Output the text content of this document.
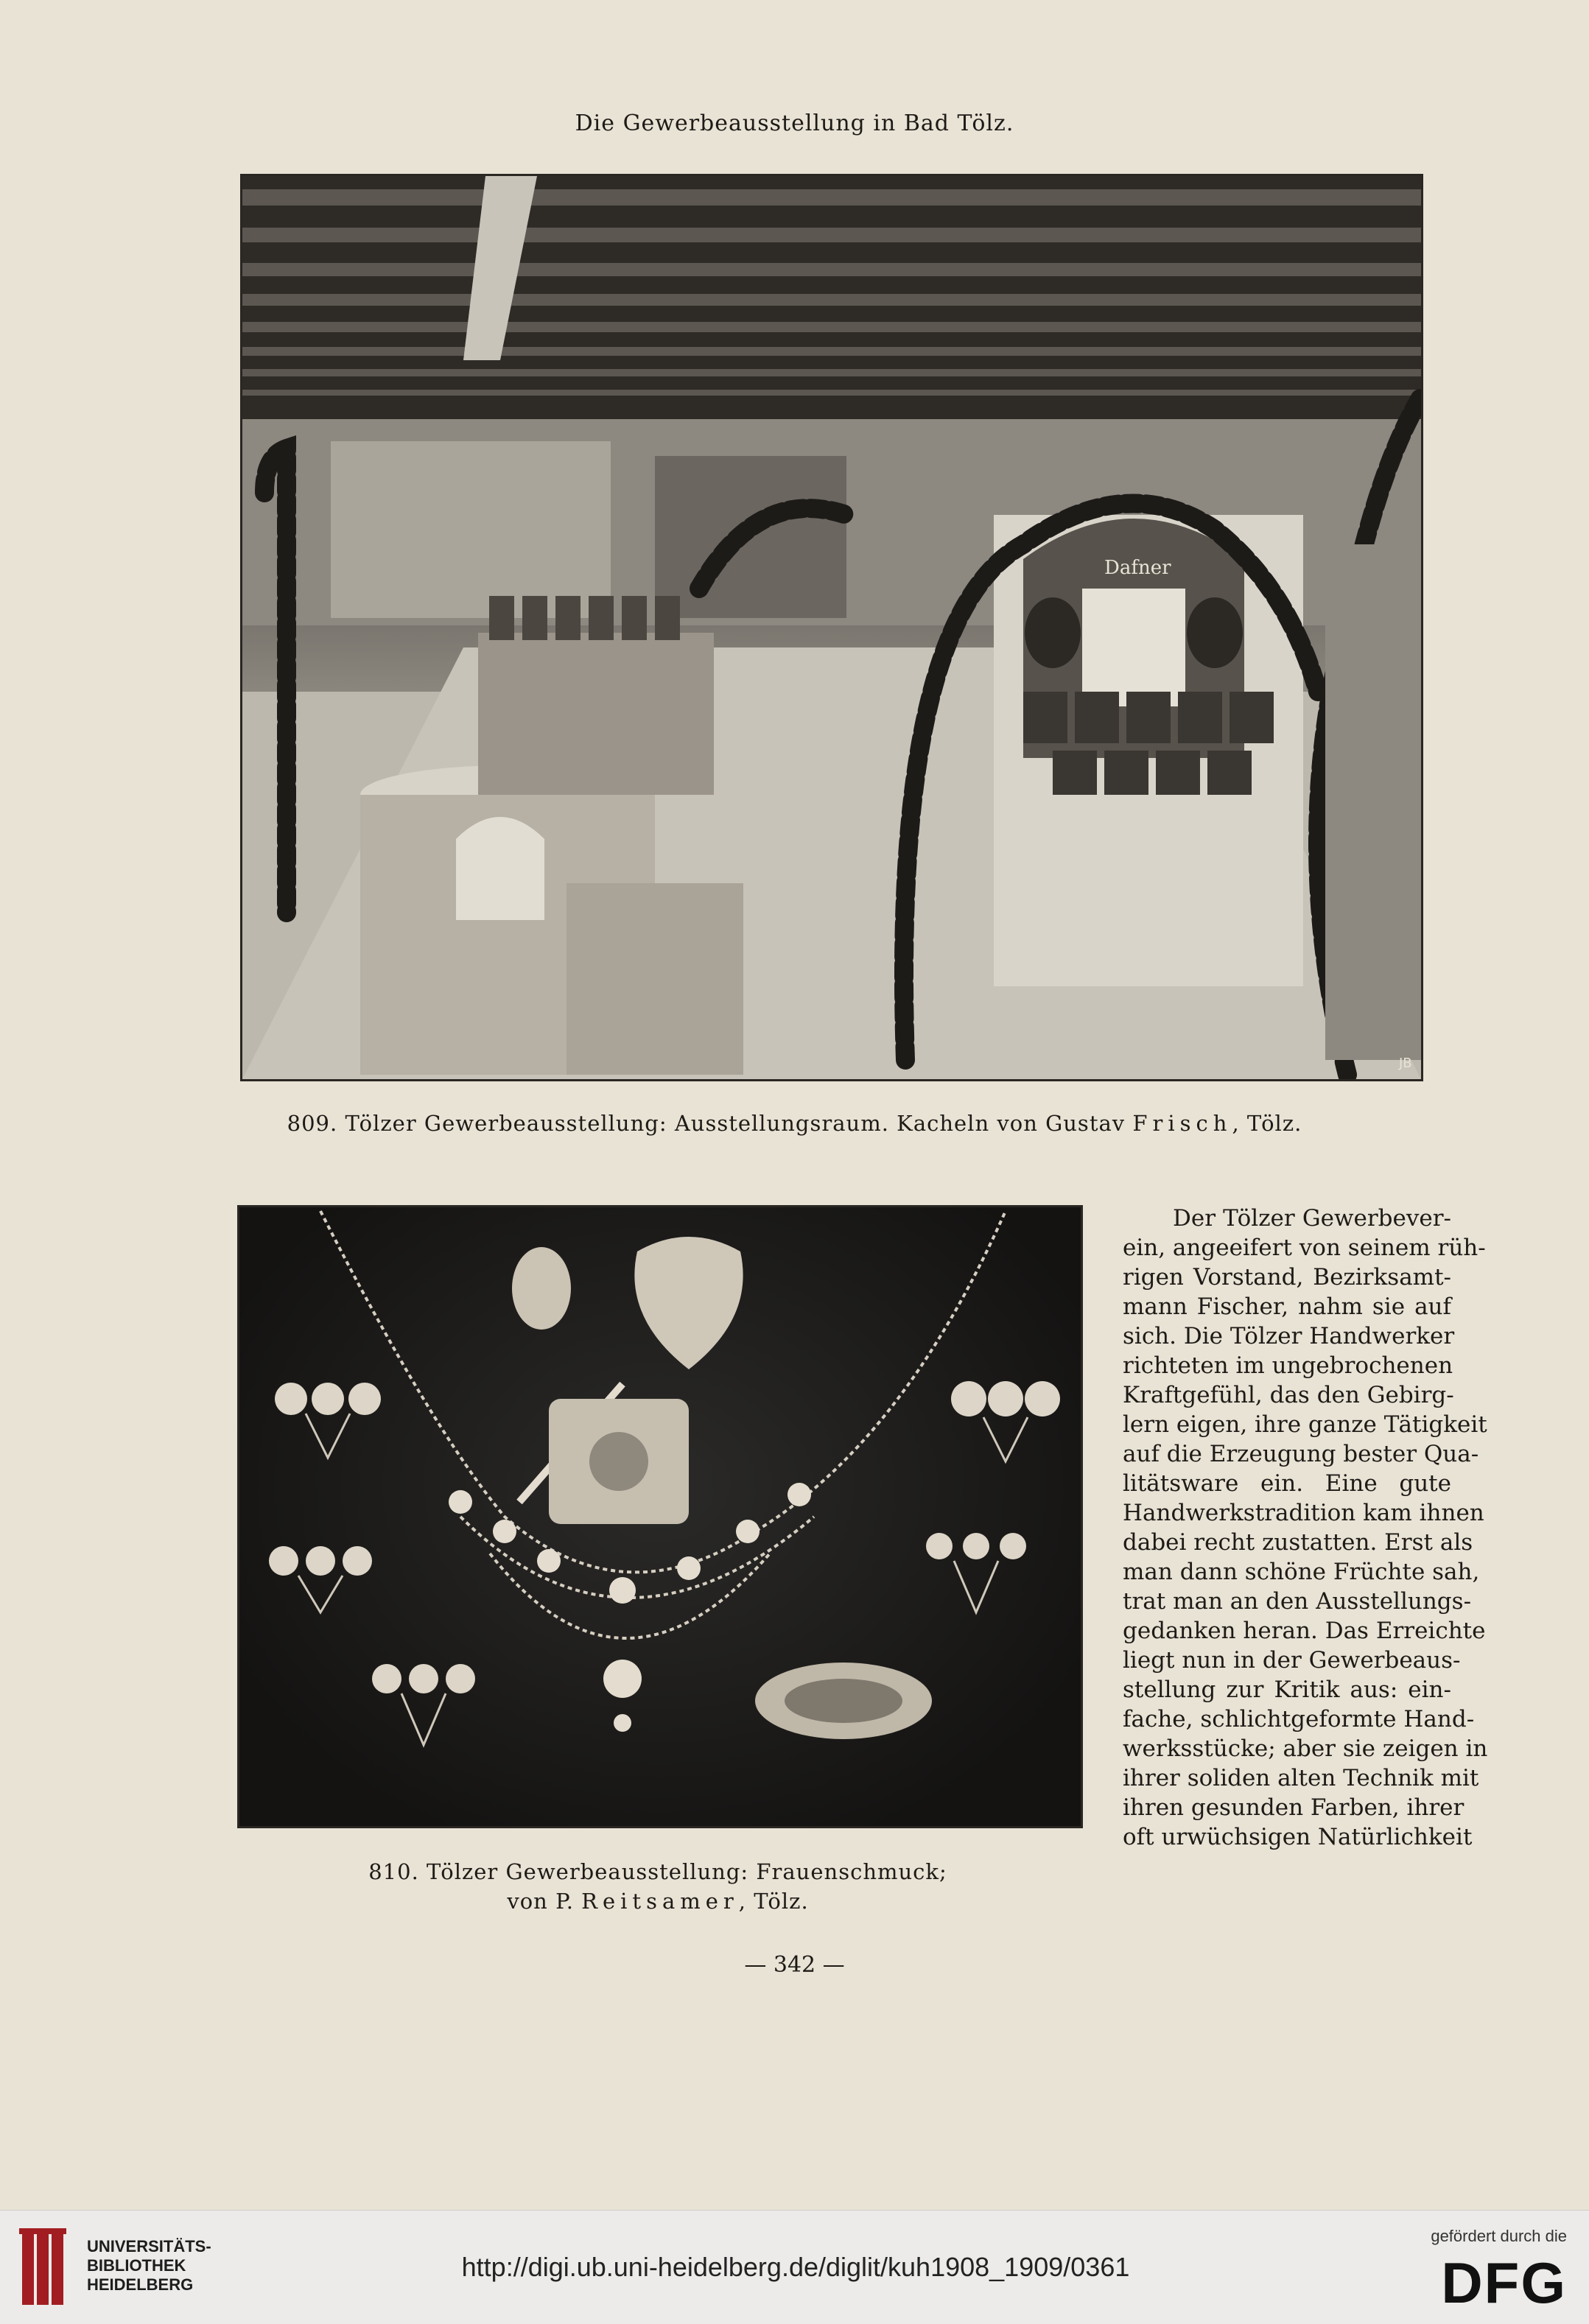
Die Gewerbeausstellung in Bad Tölz.
Dafner
JB
809. Tölzer Gewerbeausstellung: Ausstellungsraum. Kacheln von Gustav Frisch, Tölz.
810. Tölzer Gewerbeausstellung: Frauenschmuck;
von P. Reitsamer, Tölz.
Der Tölzer Gewerbever-
ein, angeeifert von seinem rüh-
rigen Vorstand, Bezirksamt-
mann Fischer, nahm sie auf
sich. Die Tölzer Handwerker
richteten im ungebrochenen
Kraftgefühl, das den Gebirg-
lern eigen, ihre ganze Tätigkeit
auf die Erzeugung bester Qua-
litätsware ein. Eine gute
Handwerkstradition kam ihnen
dabei recht zustatten. Erst als
man dann schöne Früchte sah,
trat man an den Ausstellungs-
gedanken heran. Das Erreichte
liegt nun in der Gewerbeaus-
stellung zur Kritik aus: ein-
fache, schlichtgeformte Hand-
werksstücke; aber sie zeigen in
ihrer soliden alten Technik mit
ihren gesunden Farben, ihrer
oft urwüchsigen Natürlichkeit
— 342 —
UNIVERSITÄTS-
BIBLIOTHEK
HEIDELBERG
http://digi.ub.uni-heidelberg.de/diglit/kuh1908_1909/0361
gefördert durch die
DFG
